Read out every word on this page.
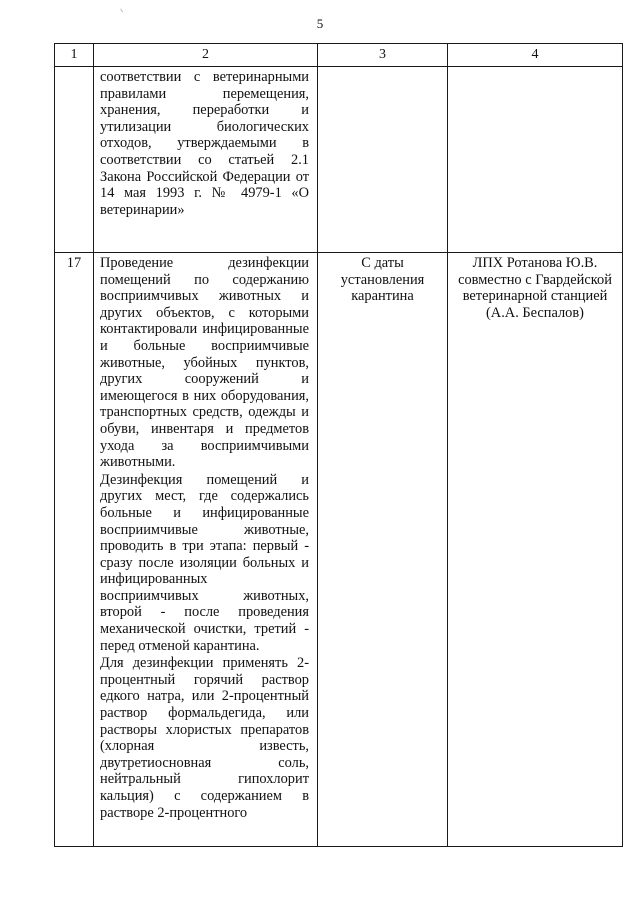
5
1	2	3	4

	соответствии с ветеринарными правилами перемещения, хранения, переработки и утилизации биологических отходов, утверждаемыми в соответствии со статьей 2.1 Закона Российской Федерации от 14 мая 1993 г. № 4979-1 «О ветеринарии»		

17	Проведение дезинфекции помещений по содержанию восприимчивых животных и других объектов, с которыми контактировали инфицированные и больные восприимчивые животные, убойных пунктов, других сооружений и имеющегося в них оборудования, транспортных средств, одежды и обуви, инвентаря и предметов ухода за восприимчивыми животными.

Дезинфекция помещений и других мест, где содержались больные и инфицированные восприимчивые животные, проводить в три этапа: первый - сразу после изоляции больных и инфицированных восприимчивых животных, второй - после проведения механической очистки, третий - перед отменой карантина.

Для дезинфекции применять 2-процентный горячий раствор едкого натра, или 2-процентный раствор формальдегида, или растворы хлористых препаратов (хлорная известь, двутретиосновная соль, нейтральный гипохлорит кальция) с содержанием в растворе 2-процентного	С даты установления карантина	ЛПХ Ротанова Ю.В. совместно с Гвардейской ветеринарной станцией (А.А. Беспалов)
